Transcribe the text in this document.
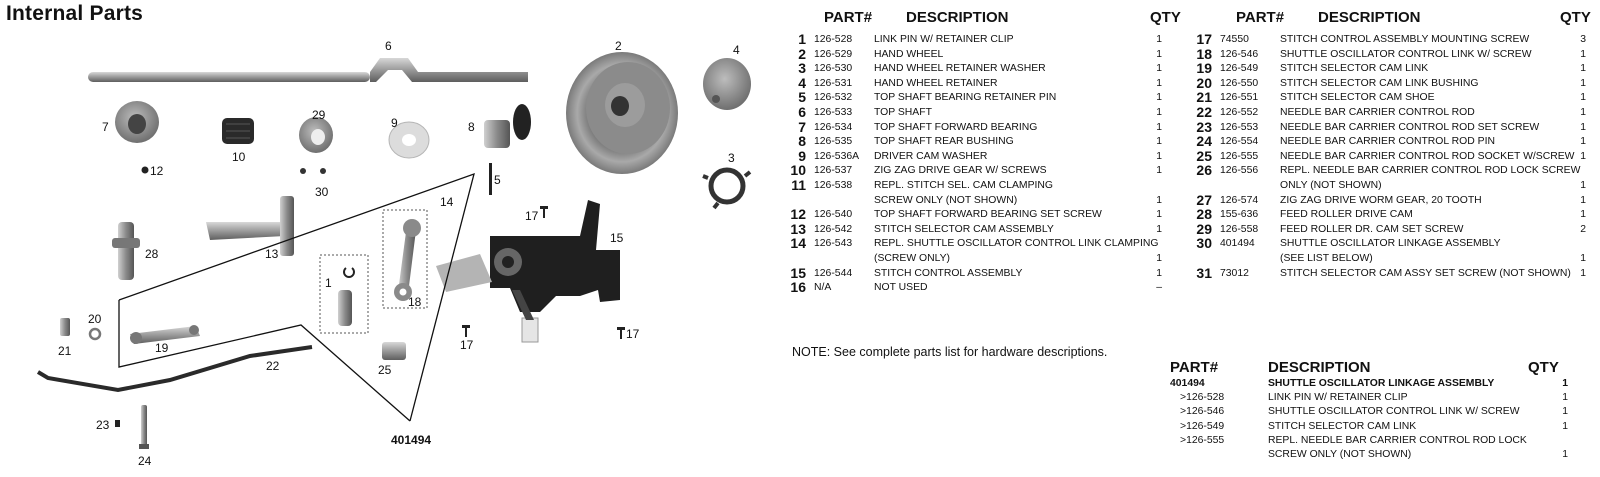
Internal Parts
6	2	4
3
7
12
10
29
30
9	8
5
14
17
15
28	13
1
18
20
21	19
22	25
17
17
23
24
401494
PART# DESCRIPTION	QTY
1 126-528 LINK PIN W/ RETAINER CLIP	1
2 126-529 HAND WHEEL	1
3 126-530 HAND WHEEL RETAINER WASHER	1
4 126-531 HAND WHEEL RETAINER	1
5 126-532 TOP SHAFT BEARING RETAINER PIN	1
6 126-533 TOP SHAFT	1
7 126-534 TOP SHAFT FORWARD BEARING	1
8 126-535 TOP SHAFT REAR BUSHING	1
9 126-536A DRIVER CAM WASHER	1
10 126-537 ZIG ZAG DRIVE GEAR W/ SCREWS	1
11 126-538 REPL. STITCH SEL. CAM CLAMPING
SCREW ONLY (NOT SHOWN)	1
12 126-540 TOP SHAFT FORWARD BEARING SET SCREW	1
13 126-542 STITCH SELECTOR CAM ASSEMBLY	1
14 126-543 REPL. SHUTTLE OSCILLATOR CONTROL LINK CLAMPING
(SCREW ONLY)	1
15 126-544 STITCH CONTROL ASSEMBLY	1
16 N/A	NOT USED	–
PART# DESCRIPTION	QTY
17 74550	STITCH CONTROL ASSEMBLY MOUNTING SCREW	3
18 126-546 SHUTTLE OSCILLATOR CONTROL LINK W/ SCREW	1
19 126-549 STITCH SELECTOR CAM LINK	1
20 126-550 STITCH SELECTOR CAM LINK BUSHING	1
21 126-551 STITCH SELECTOR CAM SHOE	1
22 126-552 NEEDLE BAR CARRIER CONTROL ROD	1
23 126-553 NEEDLE BAR CARRIER CONTROL ROD SET SCREW	1
24 126-554 NEEDLE BAR CARRIER CONTROL ROD PIN	1
25 126-555 NEEDLE BAR CARRIER CONTROL ROD SOCKET W/SCREW 1
26 126-556 REPL. NEEDLE BAR CARRIER CONTROL ROD LOCK SCREW
ONLY (NOT SHOWN)	1
27 126-574 ZIG ZAG DRIVE WORM GEAR, 20 TOOTH	1
28 155-636 FEED ROLLER DRIVE CAM	1
29 126-558 FEED ROLLER DR. CAM SET SCREW	2
30 401494 SHUTTLE OSCILLATOR LINKAGE ASSEMBLY
(SEE LIST BELOW)	1
31 73012	STITCH SELECTOR CAM ASSY SET SCREW (NOT SHOWN) 1
NOTE: See complete parts list for hardware descriptions.
PART#	DESCRIPTION	QTY
401494	SHUTTLE OSCILLATOR LINKAGE ASSEMBLY	1
>126-528	LINK PIN W/ RETAINER CLIP	1
>126-546	SHUTTLE OSCILLATOR CONTROL LINK W/ SCREW	1
>126-549	STITCH SELECTOR CAM LINK	1
>126-555	REPL. NEEDLE BAR CARRIER CONTROL ROD LOCK
SCREW ONLY (NOT SHOWN)	1
